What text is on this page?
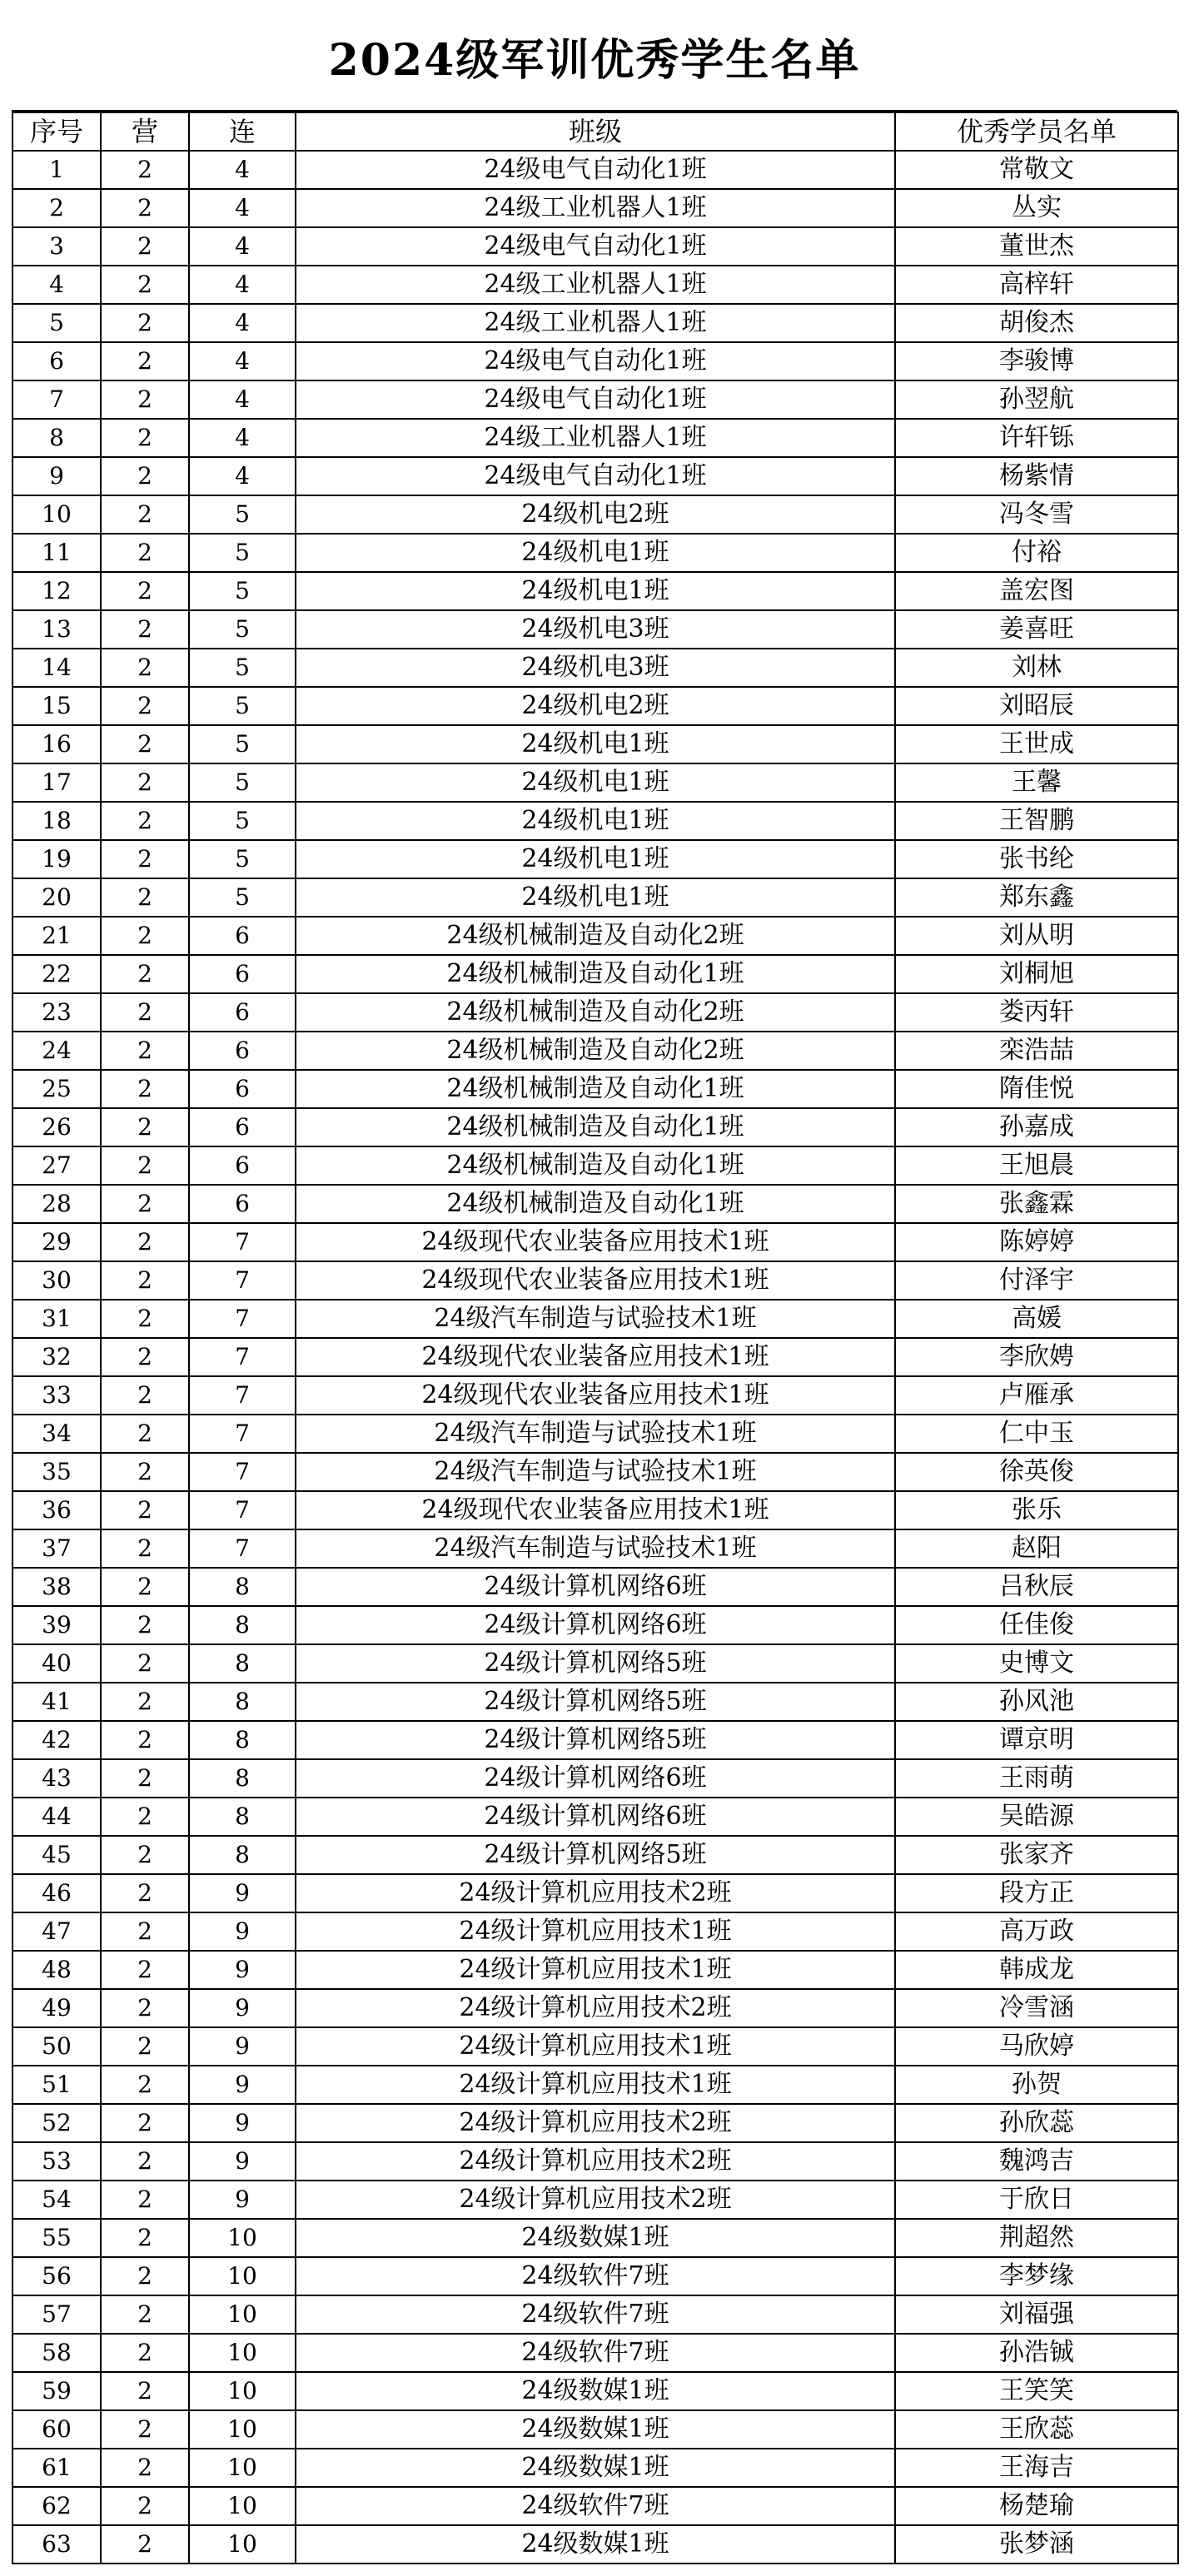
2024级军训优秀学生名单
序号	营	连	班级	优秀学员名单
1	2	4	24级电气自动化1班	常敬文
2	2	4	24级工业机器人1班	丛实
3	2	4	24级电气自动化1班	董世杰
4	2	4	24级工业机器人1班	高梓轩
5	2	4	24级工业机器人1班	胡俊杰
6	2	4	24级电气自动化1班	李骏博
7	2	4	24级电气自动化1班	孙翌航
8	2	4	24级工业机器人1班	许轩铄
9	2	4	24级电气自动化1班	杨紫情
10	2	5	24级机电2班	冯冬雪
11	2	5	24级机电1班	付裕
12	2	5	24级机电1班	盖宏图
13	2	5	24级机电3班	姜喜旺
14	2	5	24级机电3班	刘林
15	2	5	24级机电2班	刘昭辰
16	2	5	24级机电1班	王世成
17	2	5	24级机电1班	王馨
18	2	5	24级机电1班	王智鹏
19	2	5	24级机电1班	张书纶
20	2	5	24级机电1班	郑东鑫
21	2	6	24级机械制造及自动化2班	刘从明
22	2	6	24级机械制造及自动化1班	刘桐旭
23	2	6	24级机械制造及自动化2班	娄丙轩
24	2	6	24级机械制造及自动化2班	栾浩喆
25	2	6	24级机械制造及自动化1班	隋佳悦
26	2	6	24级机械制造及自动化1班	孙嘉成
27	2	6	24级机械制造及自动化1班	王旭晨
28	2	6	24级机械制造及自动化1班	张鑫霖
29	2	7	24级现代农业装备应用技术1班	陈婷婷
30	2	7	24级现代农业装备应用技术1班	付泽宇
31	2	7	24级汽车制造与试验技术1班	高媛
32	2	7	24级现代农业装备应用技术1班	李欣娉
33	2	7	24级现代农业装备应用技术1班	卢雁承
34	2	7	24级汽车制造与试验技术1班	仁中玉
35	2	7	24级汽车制造与试验技术1班	徐英俊
36	2	7	24级现代农业装备应用技术1班	张乐
37	2	7	24级汽车制造与试验技术1班	赵阳
38	2	8	24级计算机网络6班	吕秋辰
39	2	8	24级计算机网络6班	任佳俊
40	2	8	24级计算机网络5班	史博文
41	2	8	24级计算机网络5班	孙风池
42	2	8	24级计算机网络5班	谭京明
43	2	8	24级计算机网络6班	王雨萌
44	2	8	24级计算机网络6班	吴皓源
45	2	8	24级计算机网络5班	张家齐
46	2	9	24级计算机应用技术2班	段方正
47	2	9	24级计算机应用技术1班	高万政
48	2	9	24级计算机应用技术1班	韩成龙
49	2	9	24级计算机应用技术2班	冷雪涵
50	2	9	24级计算机应用技术1班	马欣婷
51	2	9	24级计算机应用技术1班	孙贺
52	2	9	24级计算机应用技术2班	孙欣蕊
53	2	9	24级计算机应用技术2班	魏鸿吉
54	2	9	24级计算机应用技术2班	于欣日
55	2	10	24级数媒1班	荆超然
56	2	10	24级软件7班	李梦缘
57	2	10	24级软件7班	刘福强
58	2	10	24级软件7班	孙浩铖
59	2	10	24级数媒1班	王笑笑
60	2	10	24级数媒1班	王欣蕊
61	2	10	24级数媒1班	王海吉
62	2	10	24级软件7班	杨楚瑜
63	2	10	24级数媒1班	张梦涵
